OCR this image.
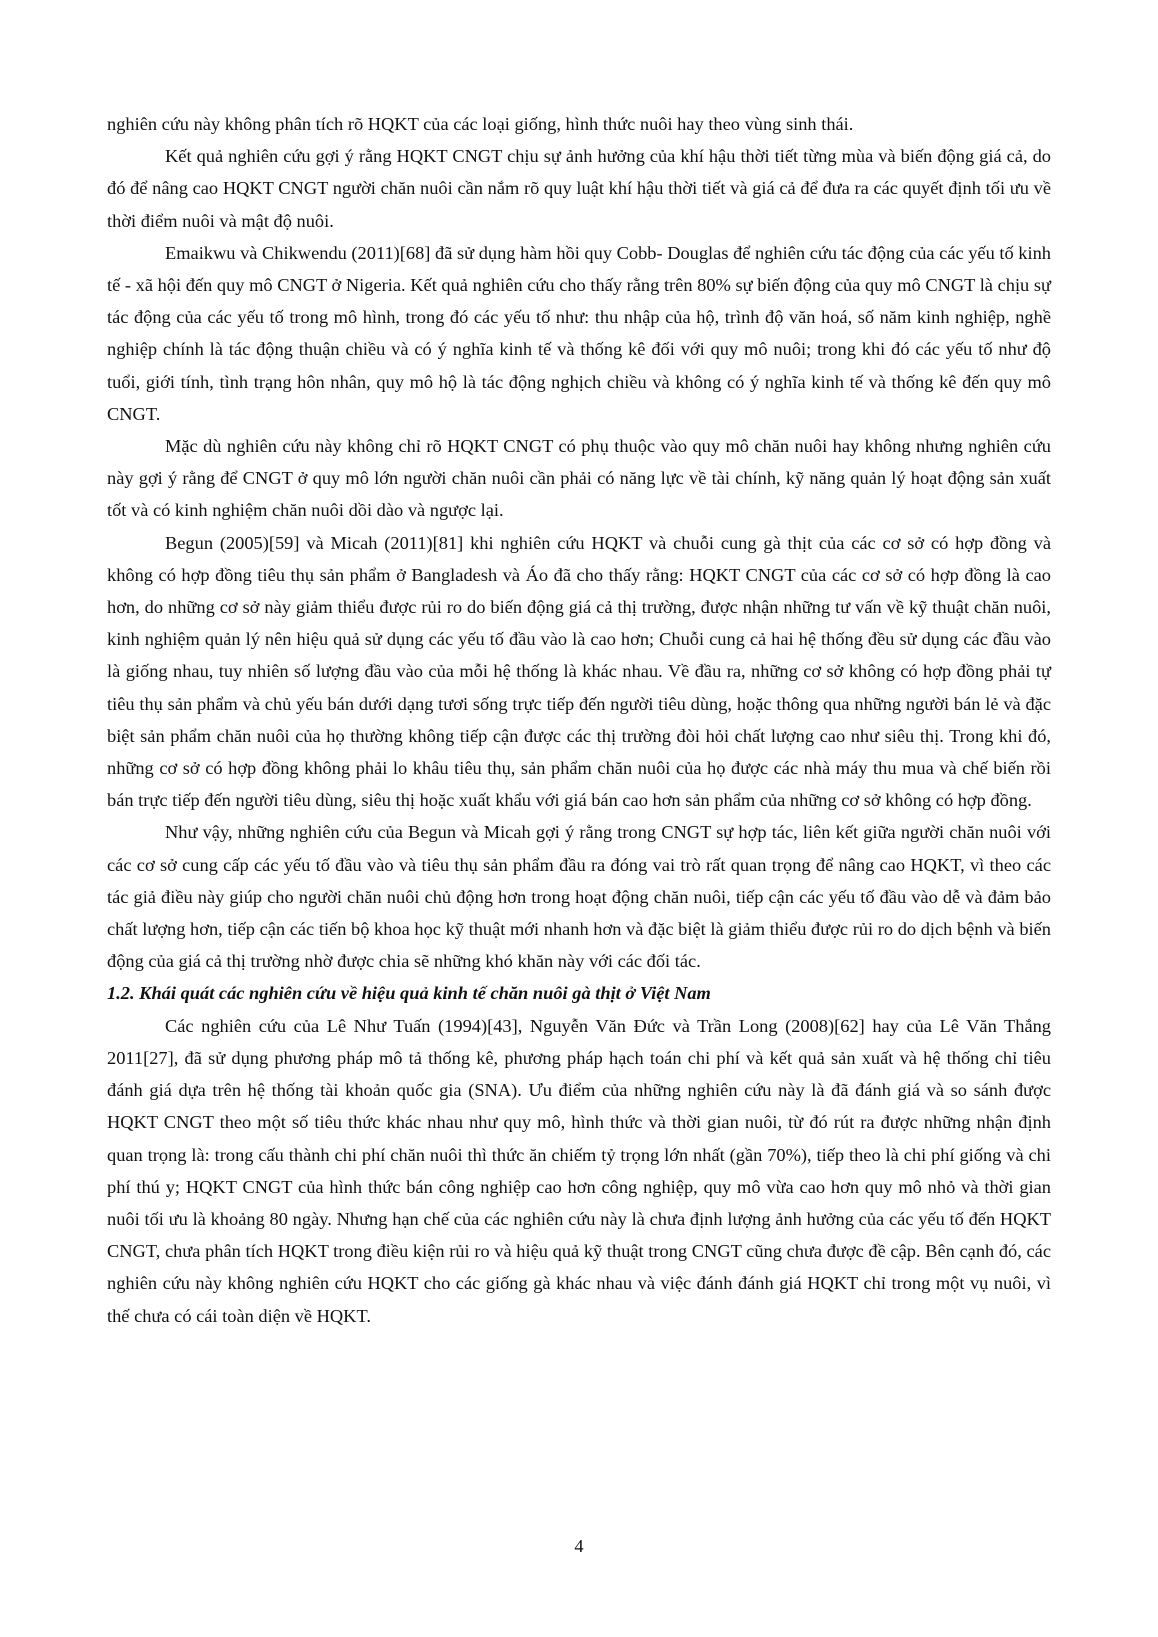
nghiên cứu này không phân tích rõ HQKT của các loại giống, hình thức nuôi hay theo vùng sinh thái.

Kết quả nghiên cứu gợi ý rằng HQKT CNGT chịu sự ảnh hưởng của khí hậu thời tiết từng mùa và biến động giá cả, do đó để nâng cao HQKT CNGT người chăn nuôi cần nắm rõ quy luật khí hậu thời tiết và giá cả để đưa ra các quyết định tối ưu về thời điểm nuôi và mật độ nuôi.

Emaikwu và Chikwendu (2011)[68] đã sử dụng hàm hồi quy Cobb- Douglas để nghiên cứu tác động của các yếu tố kinh tế - xã hội đến quy mô CNGT ở Nigeria. Kết quả nghiên cứu cho thấy rằng trên 80% sự biến động của quy mô CNGT là chịu sự tác động của các yếu tố trong mô hình, trong đó các yếu tố như: thu nhập của hộ, trình độ văn hoá, số năm kinh nghiệp, nghề nghiệp chính là tác động thuận chiều và có ý nghĩa kinh tế và thống kê đối với quy mô nuôi; trong khi đó các yếu tố như độ tuổi, giới tính, tình trạng hôn nhân, quy mô hộ là tác động nghịch chiều và không có ý nghĩa kinh tế và thống kê đến quy mô CNGT.

Mặc dù nghiên cứu này không chỉ rõ HQKT CNGT có phụ thuộc vào quy mô chăn nuôi hay không nhưng nghiên cứu này gợi ý rằng để CNGT ở quy mô lớn người chăn nuôi cần phải có năng lực về tài chính, kỹ năng quản lý hoạt động sản xuất tốt và có kinh nghiệm chăn nuôi dồi dào và ngược lại.

Begun (2005)[59] và Micah (2011)[81] khi nghiên cứu HQKT và chuỗi cung gà thịt của các cơ sở có hợp đồng và không có hợp đồng tiêu thụ sản phẩm ở Bangladesh và Áo đã cho thấy rằng: HQKT CNGT của các cơ sở có hợp đồng là cao hơn, do những cơ sở này giảm thiểu được rủi ro do biến động giá cả thị trường, được nhận những tư vấn về kỹ thuật chăn nuôi, kinh nghiệm quản lý nên hiệu quả sử dụng các yếu tố đầu vào là cao hơn; Chuỗi cung cả hai hệ thống đều sử dụng các đầu vào là giống nhau, tuy nhiên số lượng đầu vào của mỗi hệ thống là khác nhau. Về đầu ra, những cơ sở không có hợp đồng phải tự tiêu thụ sản phẩm và chủ yếu bán dưới dạng tươi sống trực tiếp đến người tiêu dùng, hoặc thông qua những người bán lẻ và đặc biệt sản phẩm chăn nuôi của họ thường không tiếp cận được các thị trường đòi hỏi chất lượng cao như siêu thị. Trong khi đó, những cơ sở có hợp đồng không phải lo khâu tiêu thụ, sản phẩm chăn nuôi của họ được các nhà máy thu mua và chế biến rồi bán trực tiếp đến người tiêu dùng, siêu thị hoặc xuất khẩu với giá bán cao hơn sản phẩm của những cơ sở không có hợp đồng.

Như vậy, những nghiên cứu của Begun và Micah gợi ý rằng trong CNGT sự hợp tác, liên kết giữa người chăn nuôi với các cơ sở cung cấp các yếu tố đầu vào và tiêu thụ sản phẩm đầu ra đóng vai trò rất quan trọng để nâng cao HQKT, vì theo các tác giả điều này giúp cho người chăn nuôi chủ động hơn trong hoạt động chăn nuôi, tiếp cận các yếu tố đầu vào dễ và đảm bảo chất lượng hơn, tiếp cận các tiến bộ khoa học kỹ thuật mới nhanh hơn và đặc biệt là giảm thiểu được rủi ro do dịch bệnh và biến động của giá cả thị trường nhờ được chia sẽ những khó khăn này với các đối tác.

1.2. Khái quát các nghiên cứu về hiệu quả kinh tế chăn nuôi gà thịt ở Việt Nam

Các nghiên cứu của Lê Như Tuấn (1994)[43], Nguyễn Văn Đức và Trần Long (2008)[62] hay của Lê Văn Thắng 2011[27], đã sử dụng phương pháp mô tả thống kê, phương pháp hạch toán chi phí và kết quả sản xuất và hệ thống chỉ tiêu đánh giá dựa trên hệ thống tài khoản quốc gia (SNA). Ưu điểm của những nghiên cứu này là đã đánh giá và so sánh được HQKT CNGT theo một số tiêu thức khác nhau như quy mô, hình thức và thời gian nuôi, từ đó rút ra được những nhận định quan trọng là: trong cấu thành chi phí chăn nuôi thì thức ăn chiếm tỷ trọng lớn nhất (gần 70%), tiếp theo là chi phí giống và chi phí thú y; HQKT CNGT của hình thức bán công nghiệp cao hơn công nghiệp, quy mô vừa cao hơn quy mô nhỏ và thời gian nuôi tối ưu là khoảng 80 ngày. Nhưng hạn chế của các nghiên cứu này là chưa định lượng ảnh hưởng của các yếu tố đến HQKT CNGT, chưa phân tích HQKT trong điều kiện rủi ro và hiệu quả kỹ thuật trong CNGT cũng chưa được đề cập. Bên cạnh đó, các nghiên cứu này không nghiên cứu HQKT cho các giống gà khác nhau và việc đánh đánh giá HQKT chỉ trong một vụ nuôi, vì thế chưa có cái toàn diện về HQKT.

4
